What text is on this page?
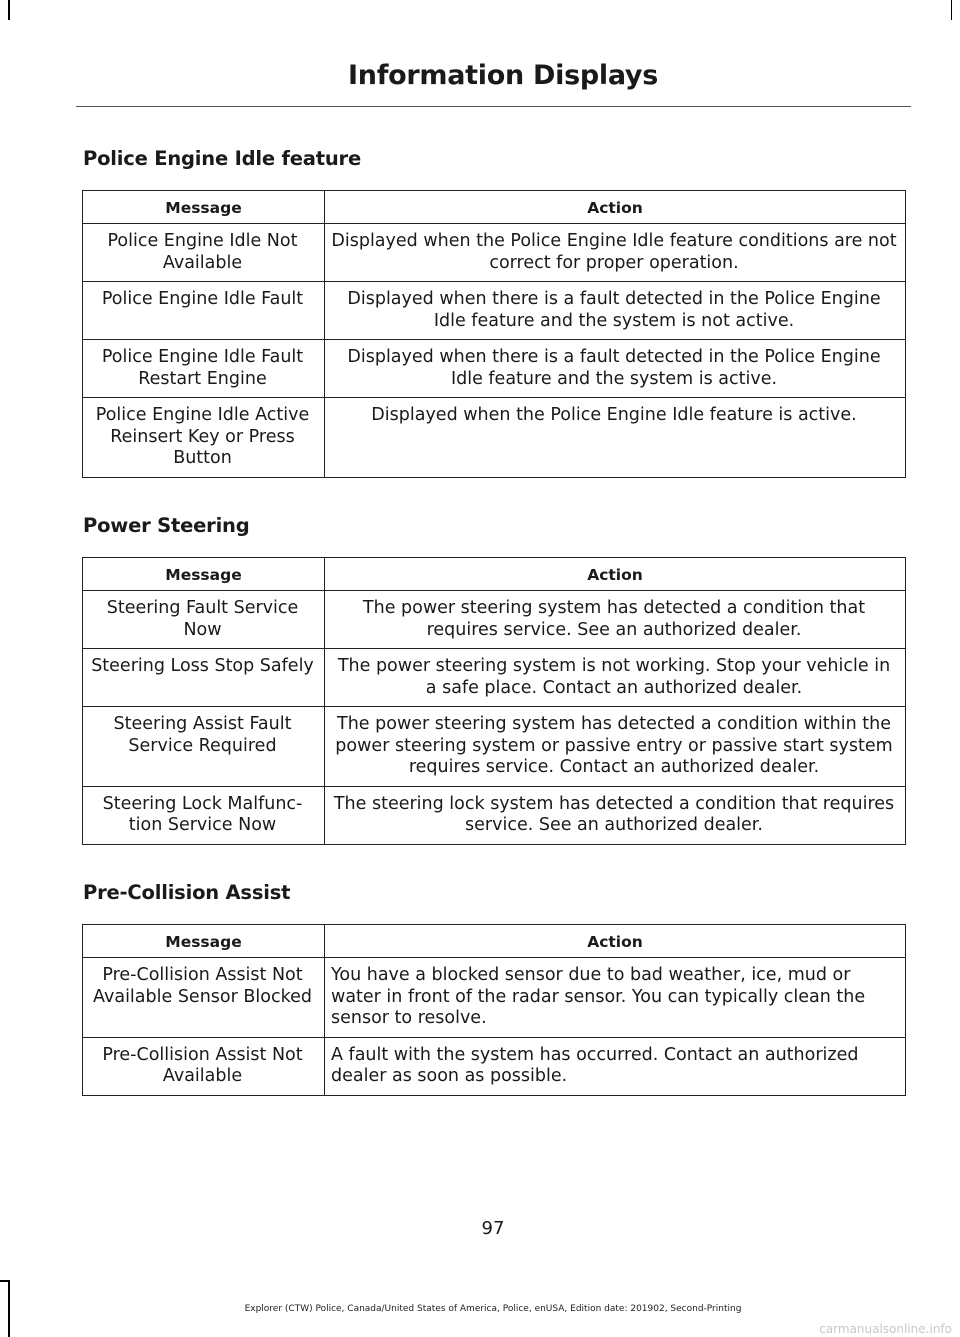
Information Displays
Police Engine Idle feature
Message	Action
Police Engine Idle Not Available	Displayed when the Police Engine Idle feature conditions are not correct for proper operation.
Police Engine Idle Fault	Displayed when there is a fault detected in the Police Engine Idle feature and the system is not active.
Police Engine Idle Fault Restart Engine	Displayed when there is a fault detected in the Police Engine Idle feature and the system is active.
Police Engine Idle Active Reinsert Key or Press Button	Displayed when the Police Engine Idle feature is active.
Power Steering
Message	Action
Steering Fault Service Now	The power steering system has detected a condition that requires service. See an authorized dealer.
Steering Loss Stop Safely	The power steering system is not working. Stop your vehicle in a safe place. Contact an authorized dealer.
Steering Assist Fault Service Required	The power steering system has detected a condition within the power steering system or passive entry or passive start system requires service. Contact an authorized dealer.
Steering Lock Malfunc-tion Service Now	The steering lock system has detected a condition that requires service. See an authorized dealer.
Pre-Collision Assist
Message	Action
Pre-Collision Assist Not Available Sensor Blocked	You have a blocked sensor due to bad weather, ice, mud or water in front of the radar sensor. You can typically clean the sensor to resolve.
Pre-Collision Assist Not Available	A fault with the system has occurred. Contact an authorized dealer as soon as possible.
97
Explorer (CTW) Police, Canada/United States of America, Police, enUSA, Edition date: 201902, Second-Printing
carmanualsonline.info
